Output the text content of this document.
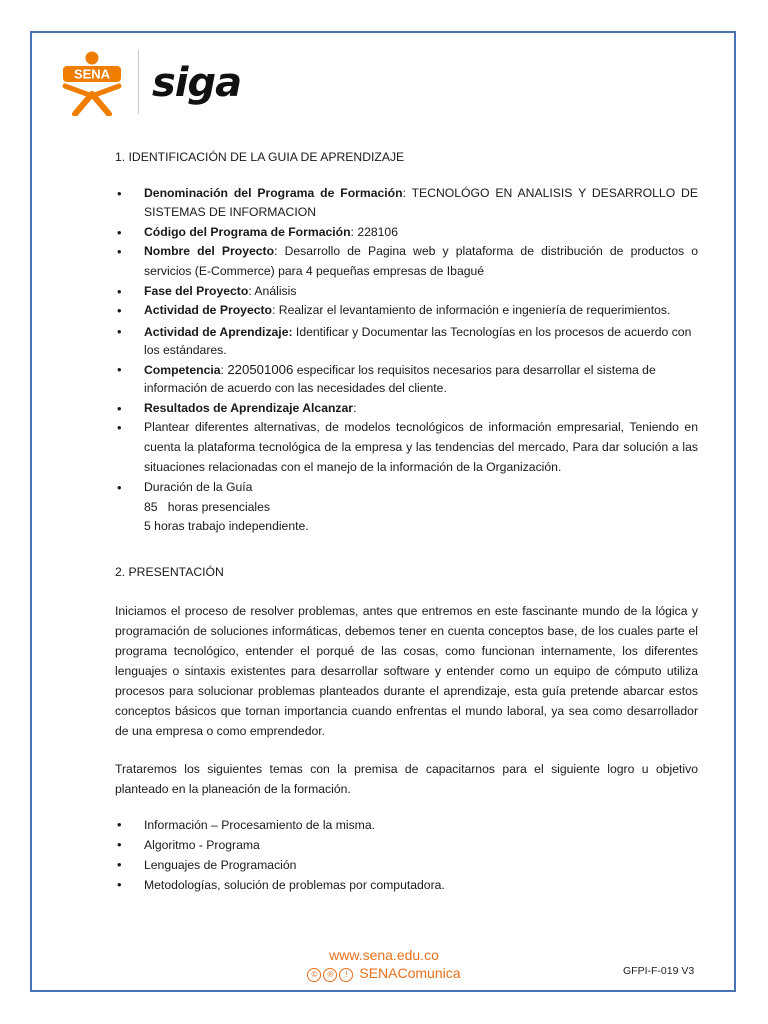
SENA siga
1. IDENTIFICACIÓN DE LA GUIA DE APRENDIZAJE
• Denominación del Programa de Formación: TECNOLÓGO EN ANALISIS Y DESARROLLO DE SISTEMAS DE INFORMACION
• Código del Programa de Formación: 228106
• Nombre del Proyecto: Desarrollo de Pagina web y plataforma de distribución de productos o servicios (E-Commerce) para 4 pequeñas empresas de Ibagué
• Fase del Proyecto: Análisis
• Actividad de Proyecto: Realizar el levantamiento de información e ingeniería de requerimientos.
• Actividad de Aprendizaje: Identificar y Documentar las Tecnologías en los procesos de acuerdo con los estándares.
• Competencia: 220501006 especificar los requisitos necesarios para desarrollar el sistema de información de acuerdo con las necesidades del cliente.
• Resultados de Aprendizaje Alcanzar:
• Plantear diferentes alternativas, de modelos tecnológicos de información empresarial, Teniendo en cuenta la plataforma tecnológica de la empresa y las tendencias del mercado, Para dar solución a las situaciones relacionadas con el manejo de la información de la Organización.
• Duración de la Guía
85   horas presenciales
5 horas trabajo independiente.
2. PRESENTACIÓN

Iniciamos el proceso de resolver problemas, antes que entremos en este fascinante mundo de la lógica y programación de soluciones informáticas, debemos tener en cuenta conceptos base, de los cuales parte el programa tecnológico, entender el porqué de las cosas, como funcionan internamente, los diferentes lenguajes o sintaxis existentes para desarrollar software y entender como un equipo de cómputo utiliza procesos para solucionar problemas planteados durante el aprendizaje, esta guía pretende abarcar estos conceptos básicos que tornan importancia cuando enfrentas el mundo laboral, ya sea como desarrollador de una empresa o como emprendedor.

Trataremos los siguientes temas con la premisa de capacitarnos para el siguiente logro u objetivo planteado en la planeación de la formación.

• Información – Procesamiento de la misma.
• Algoritmo - Programa
• Lenguajes de Programación
• Metodologías, solución de problemas por computadora.
www.sena.edu.co
© ® ! SENAComunica	GFPI-F-019 V3
